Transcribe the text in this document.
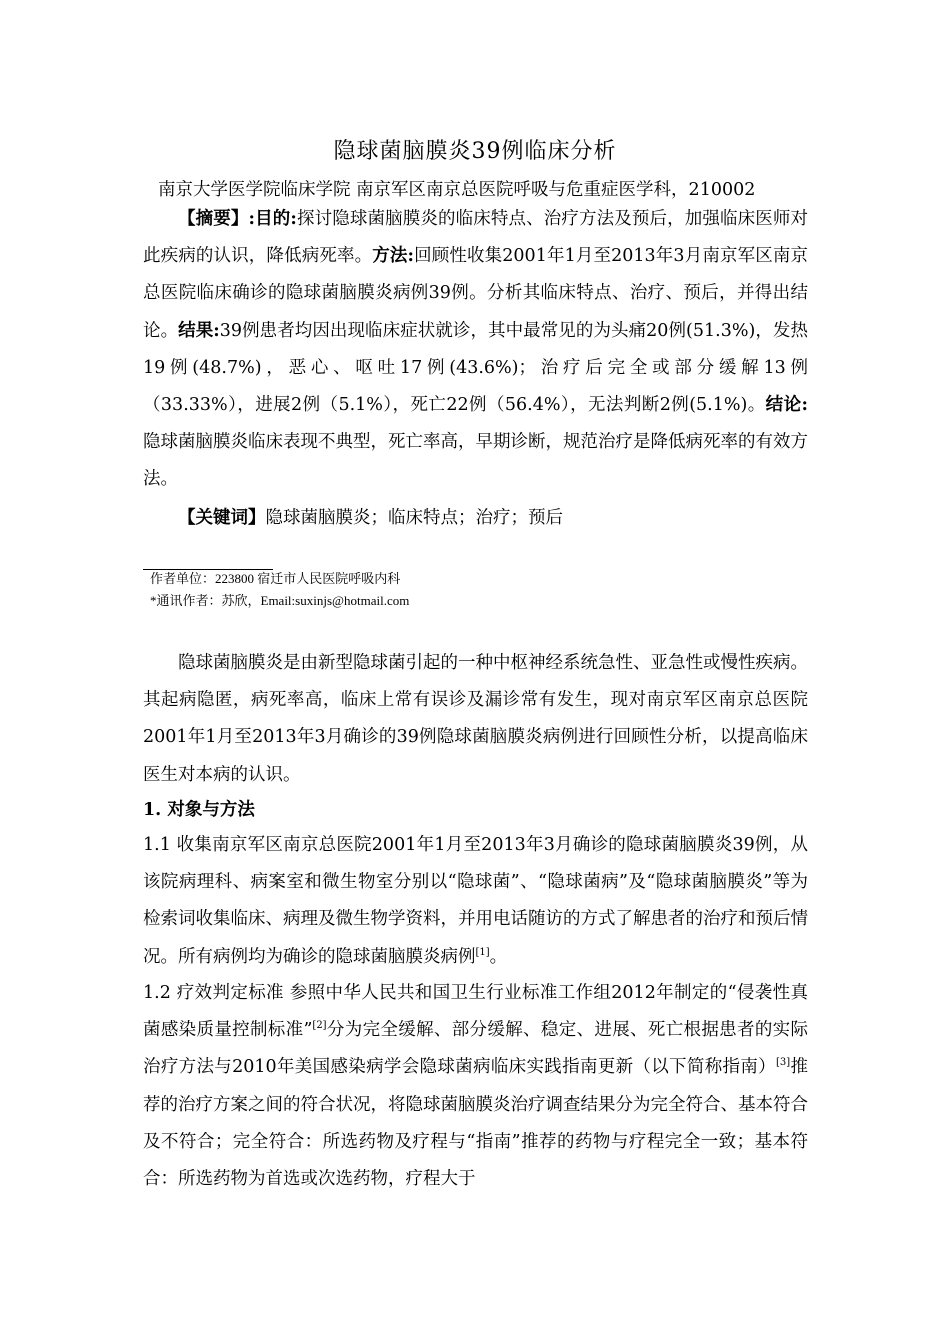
隐球菌脑膜炎39例临床分析
南京大学医学院临床学院 南京军区南京总医院呼吸与危重症医学科，210002

【摘要】:目的:探讨隐球菌脑膜炎的临床特点、治疗方法及预后，加强临床医师对此疾病的认识，降低病死率。方法:回顾性收集2001年1月至2013年3月南京军区南京总医院临床确诊的隐球菌脑膜炎病例39例。分析其临床特点、治疗、预后，并得出结论。结果:39例患者均因出现临床症状就诊，其中最常见的为头痛20例(51.3%)，发热19例(48.7%)，恶心、呕吐17例(43.6%)；治疗后完全或部分缓解13例（33.33%），进展2例（5.1%），死亡22例（56.4%），无法判断2例(5.1%)。结论:隐球菌脑膜炎临床表现不典型，死亡率高，早期诊断，规范治疗是降低病死率的有效方法。

【关键词】隐球菌脑膜炎；临床特点；治疗；预后

作者单位：223800 宿迁市人民医院呼吸内科
*通讯作者：苏欣，Email:suxinjs@hotmail.com

隐球菌脑膜炎是由新型隐球菌引起的一种中枢神经系统急性、亚急性或慢性疾病。其起病隐匿，病死率高，临床上常有误诊及漏诊常有发生，现对南京军区南京总医院2001年1月至2013年3月确诊的39例隐球菌脑膜炎病例进行回顾性分析，以提高临床医生对本病的认识。

1. 对象与方法

1.1 收集南京军区南京总医院2001年1月至2013年3月确诊的隐球菌脑膜炎39例，从该院病理科、病案室和微生物室分别以“隐球菌”、“隐球菌病”及“隐球菌脑膜炎”等为检索词收集临床、病理及微生物学资料，并用电话随访的方式了解患者的治疗和预后情况。所有病例均为确诊的隐球菌脑膜炎病例[1]。

1.2 疗效判定标准 参照中华人民共和国卫生行业标准工作组2012年制定的“侵袭性真菌感染质量控制标准”[2]分为完全缓解、部分缓解、稳定、进展、死亡根据患者的实际治疗方法与2010年美国感染病学会隐球菌病临床实践指南更新（以下简称指南）[3]推荐的治疗方案之间的符合状况，将隐球菌脑膜炎治疗调查结果分为完全符合、基本符合及不符合；完全符合：所选药物及疗程与“指南”推荐的药物与疗程完全一致；基本符合：所选药物为首选或次选药物，疗程大于
